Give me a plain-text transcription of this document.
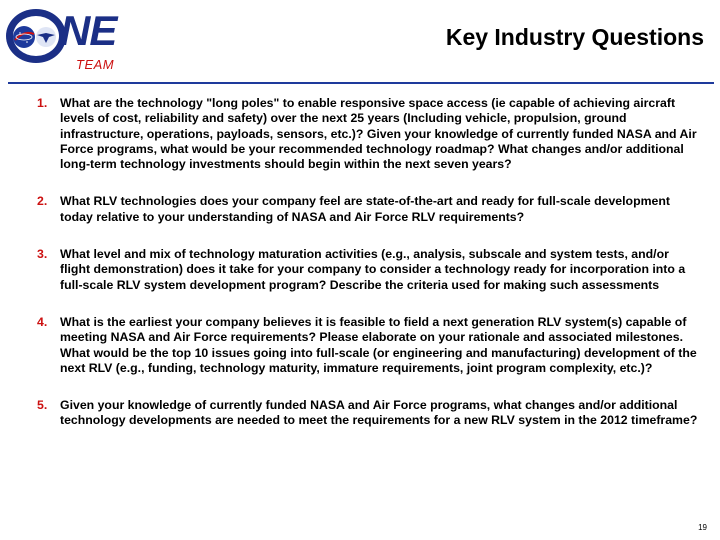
NE
TEAM
Key Industry Questions
1. What are the technology "long poles" to enable responsive space access (ie capable of achieving aircraft levels of cost, reliability and safety) over the next 25 years (Including vehicle, propulsion, ground infrastructure, operations, payloads, sensors, etc.)? Given your knowledge of currently funded NASA and Air Force programs, what would be your recommended technology roadmap? What changes and/or additional long-term technology investments should begin within the next seven years?
2. What RLV technologies does your company feel are state-of-the-art and ready for full-scale development today relative to your understanding of NASA and Air Force RLV requirements?
3. What level and mix of technology maturation activities (e.g., analysis, subscale and system tests, and/or flight demonstration) does it take for your company to consider a technology ready for incorporation into a full-scale RLV system development program? Describe the criteria used for making such assessments
4. What is the earliest your company believes it is feasible to field a next generation RLV system(s) capable of meeting NASA and Air Force requirements? Please elaborate on your rationale and associated milestones. What would be the top 10 issues going into full-scale (or engineering and manufacturing) development of the next RLV (e.g., funding, technology maturity, immature requirements, joint program complexity, etc.)?
5. Given your knowledge of currently funded NASA and Air Force programs, what changes and/or additional technology developments are needed to meet the requirements for a new RLV system in the 2012 timeframe?
19
